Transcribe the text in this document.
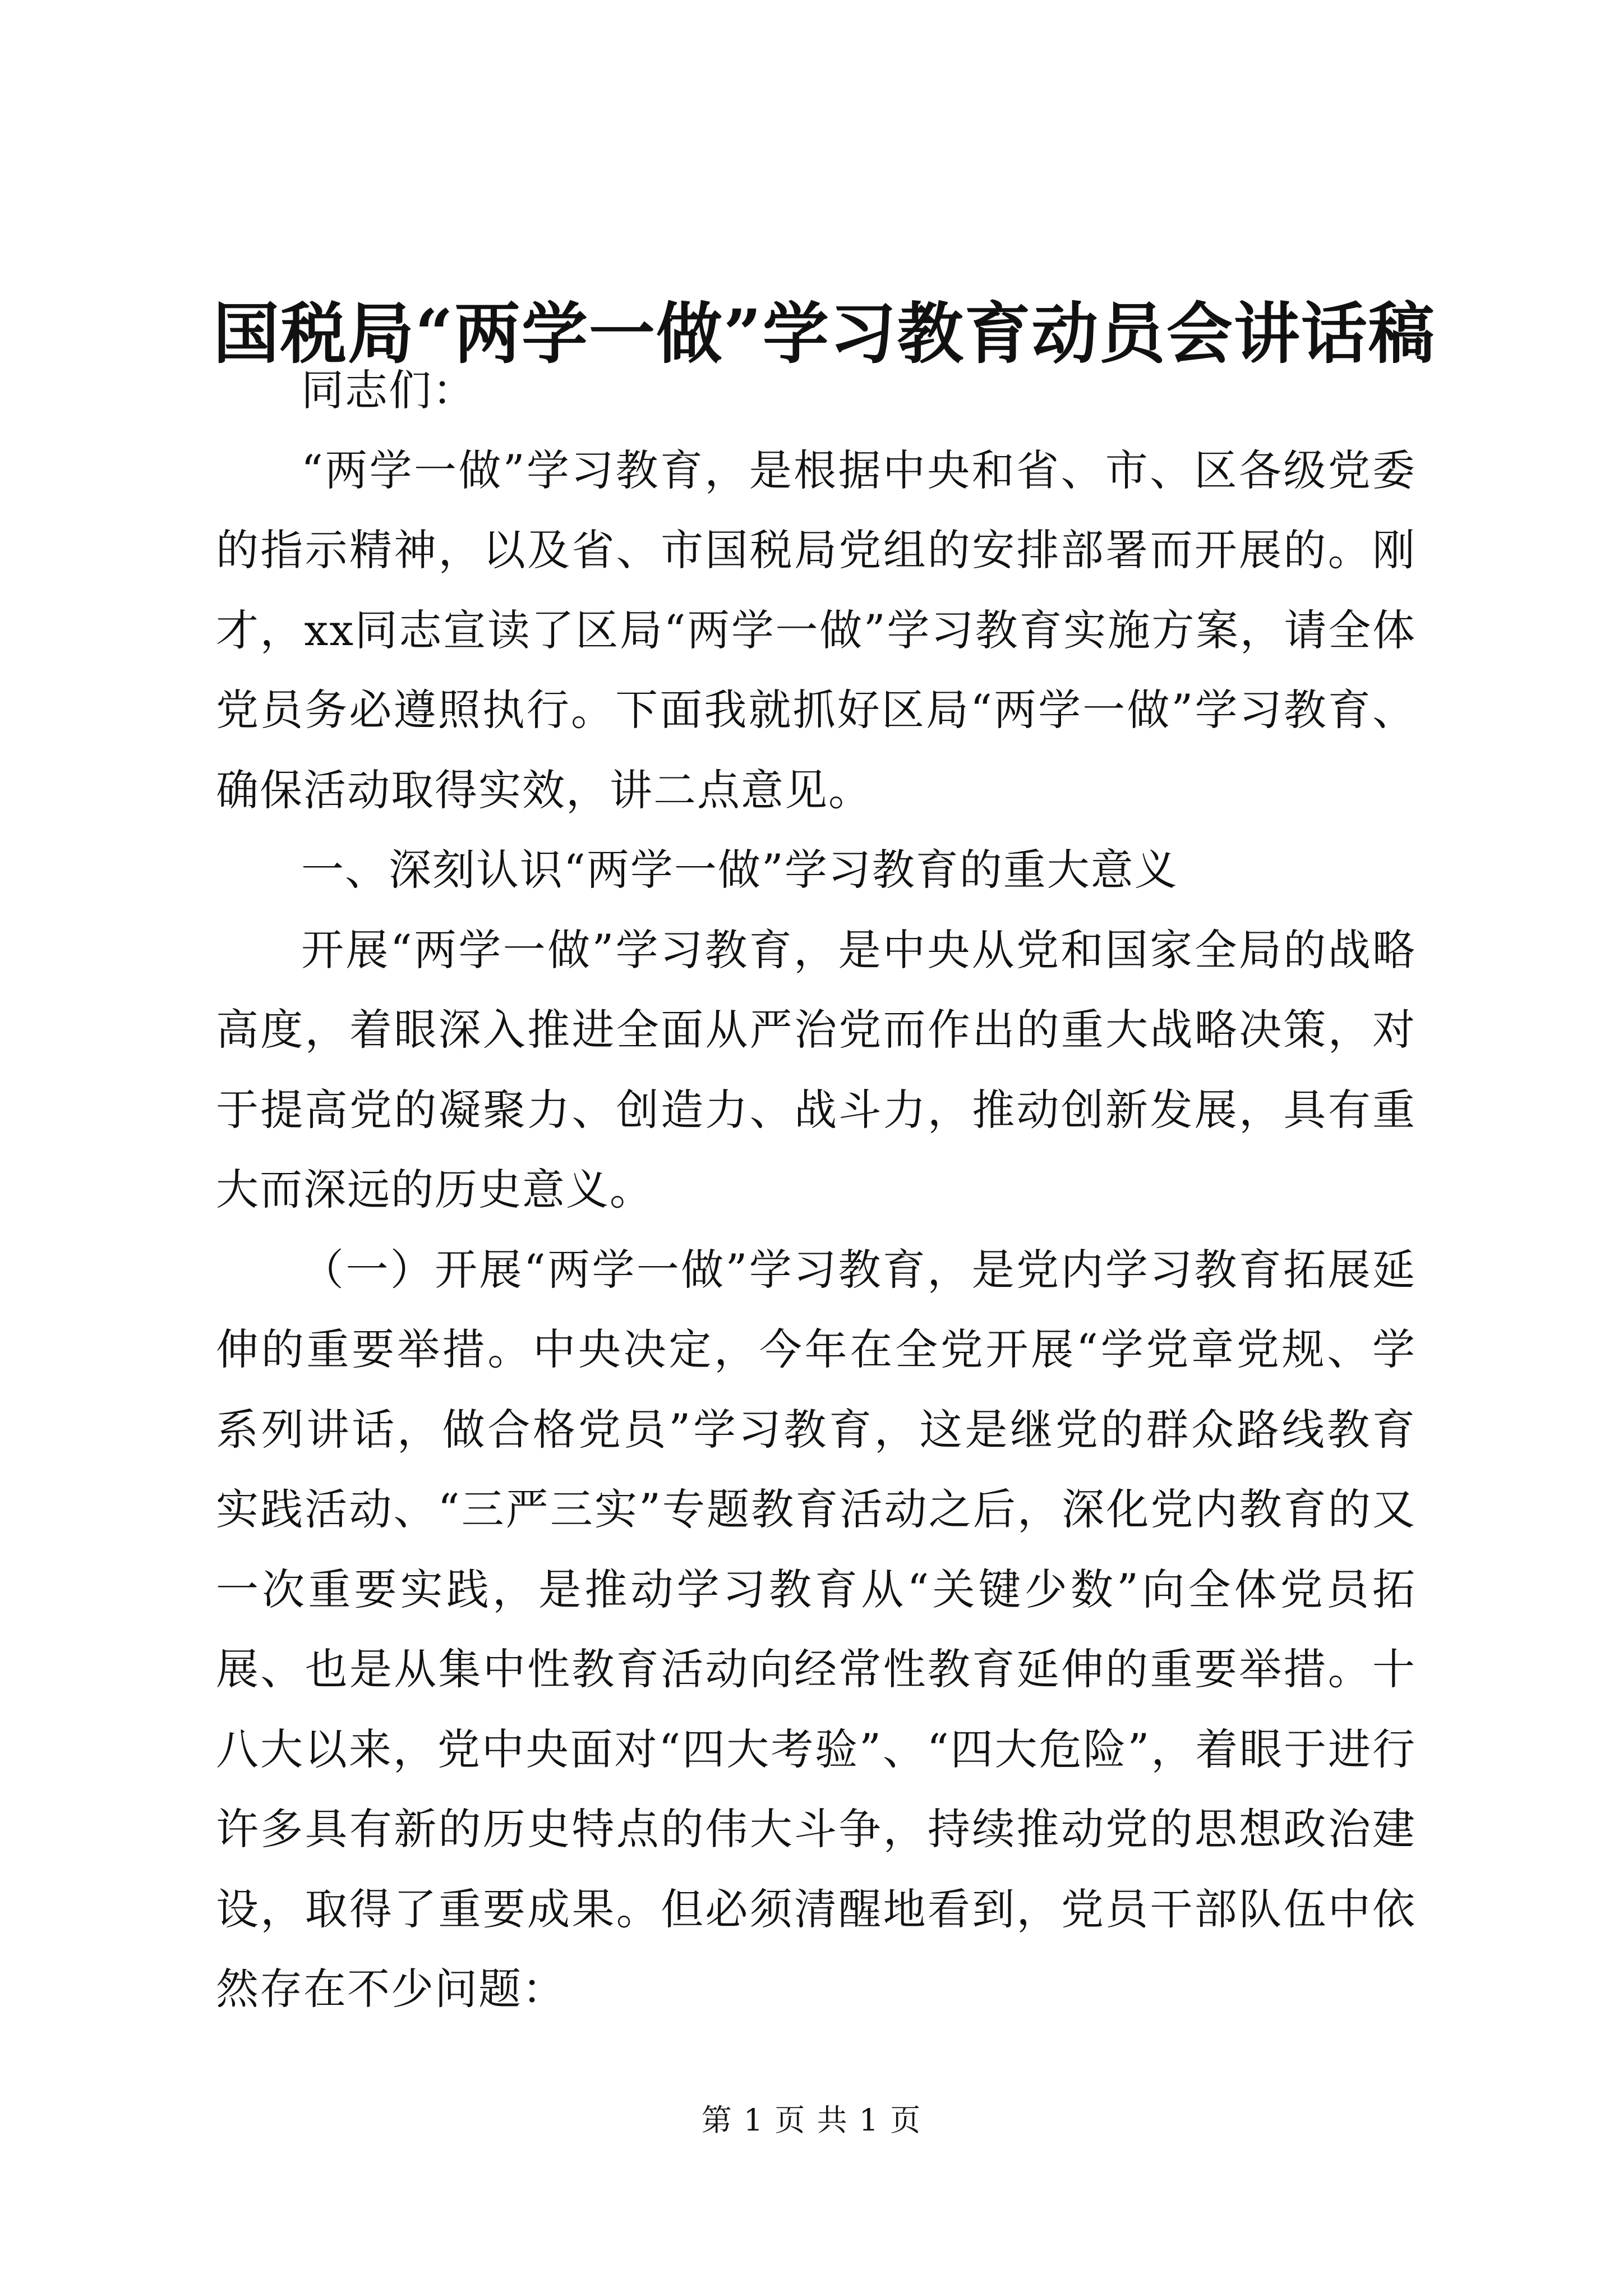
国税局“两学一做”学习教育动员会讲话稿

同志们：

“两学一做”学习教育，是根据中央和省、市、区各级党委的指示精神，以及省、市国税局党组的安排部署而开展的。刚才，xx同志宣读了区局“两学一做”学习教育实施方案，请全体党员务必遵照执行。下面我就抓好区局“两学一做”学习教育、确保活动取得实效，讲二点意见。

一、深刻认识“两学一做”学习教育的重大意义

开展“两学一做”学习教育，是中央从党和国家全局的战略高度，着眼深入推进全面从严治党而作出的重大战略决策，对于提高党的凝聚力、创造力、战斗力，推动创新发展，具有重大而深远的历史意义。

（一）开展“两学一做”学习教育，是党内学习教育拓展延伸的重要举措。中央决定，今年在全党开展“学党章党规、学系列讲话，做合格党员”学习教育，这是继党的群众路线教育实践活动、“三严三实”专题教育活动之后，深化党内教育的又一次重要实践，是推动学习教育从“关键少数”向全体党员拓展、也是从集中性教育活动向经常性教育延伸的重要举措。十八大以来，党中央面对“四大考验”、“四大危险”，着眼于进行许多具有新的历史特点的伟大斗争，持续推动党的思想政治建设，取得了重要成果。但必须清醒地看到，党员干部队伍中依然存在不少问题：

第 1 页 共 1 页
